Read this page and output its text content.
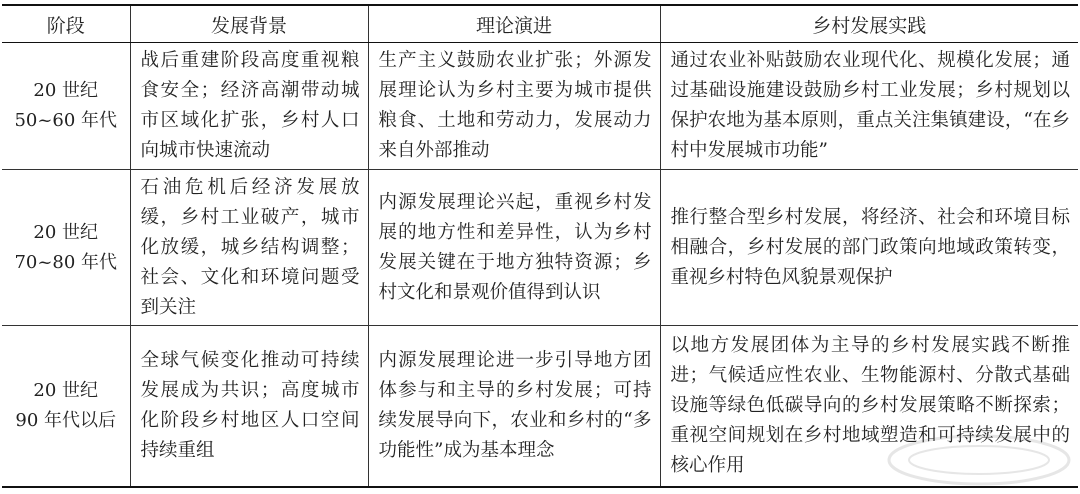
阶段	发展背景	理论演进	乡村发展实践

20 世纪
50~60 年代	战后重建阶段高度重视粮食安全；经济高潮带动城市区域化扩张，乡村人口向城市快速流动	生产主义鼓励农业扩张；外源发展理论认为乡村主要为城市提供粮食、土地和劳动力，发展动力来自外部推动	通过农业补贴鼓励农业现代化、规模化发展；通过基础设施建设鼓励乡村工业发展；乡村规划以保护农地为基本原则，重点关注集镇建设，“在乡村中发展城市功能”

20 世纪
70~80 年代	石油危机后经济发展放缓，乡村工业破产，城市化放缓，城乡结构调整；社会、文化和环境问题受到关注	内源发展理论兴起，重视乡村发展的地方性和差异性，认为乡村发展关键在于地方独特资源；乡村文化和景观价值得到认识	推行整合型乡村发展，将经济、社会和环境目标相融合，乡村发展的部门政策向地域政策转变，重视乡村特色风貌景观保护

20 世纪
90 年代以后	全球气候变化推动可持续发展成为共识；高度城市化阶段乡村地区人口空间持续重组	内源发展理论进一步引导地方团体参与和主导的乡村发展；可持续发展导向下，农业和乡村的“多功能性”成为基本理念	以地方发展团体为主导的乡村发展实践不断推进；气候适应性农业、生物能源村、分散式基础设施等绿色低碳导向的乡村发展策略不断探索；重视空间规划在乡村地域塑造和可持续发展中的核心作用
